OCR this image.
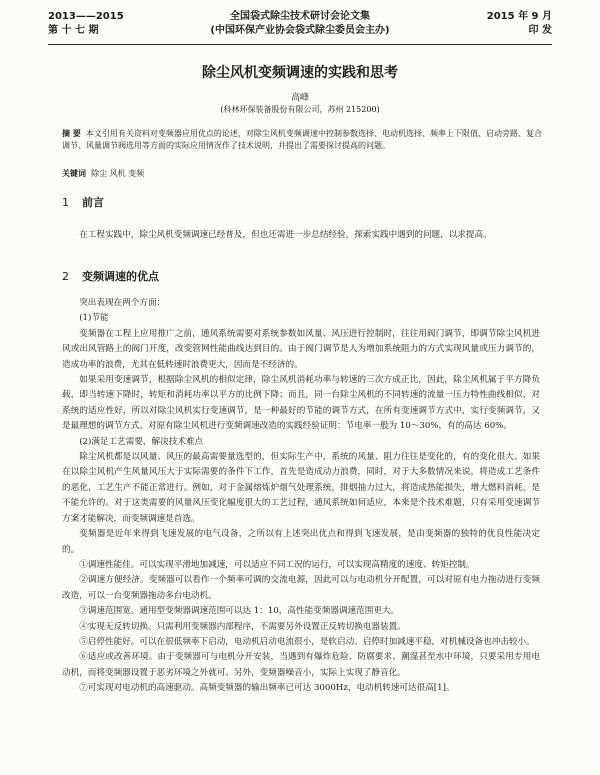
2013——2015
第 十 七 期
全国袋式除尘技术研讨会论文集
(中国环保产业协会袋式除尘委员会主办)
2015 年 9 月
印 发
除尘风机变频调速的实践和思考
高峰
(科林环保装备股份有限公司，苏州 215200)
摘 要 本文引用有关资料对变频器应用优点的论述，对除尘风机变频调速中控制参数选择、电动机选择、频率上下限值、启动旁路、复合调节、风量调节阀选用等方面的实际应用情况作了技术说明，并提出了需要探讨提高的问题。
关键词 除尘 风机 变频
1 前言

在工程实践中，除尘风机变频调速已经普及，但也还需进一步总结经验，探索实践中遇到的问题，以求提高。

2 变频调速的优点

突出表现在两个方面：

(1)节能

变频器在工程上应用推广之前，通风系统需要对系统参数如风量、风压进行控制时，往往用阀门调节，即调节除尘风机进风或出风管路上的阀门开度，改变管网性能曲线达到目的。由于阀门调节是人为增加系统阻力的方式实现风量或压力调节的，造成功率的浪费，尤其在低转速时浪费更大，因而是不经济的。

如果采用变速调节，根据除尘风机的相似定律，除尘风机消耗功率与转速的三次方成正比，因此，除尘风机属于平方降负载，即当转速下降时，转矩和消耗功率以平方的比例下降；而且，同一台除尘风机的不同转速的流量一压力特性曲线相似，对系统的适应性好，所以对除尘风机实行变速调节，是一种最好的节能的调节方式，在所有变速调节方式中，实行变频调节，又是最理想的调节方式。对原有除尘风机进行变频调速改造的实践经验证明：节电率一般为 10～30%，有的高达 60%。

(2)满足工艺需要，解决技术难点

除尘风机都是以风量、风压的最高需要量选型的，但实际生产中，系统的风量、阻力往往是变化的，有的变化很大。如果在以除尘风机产生风量风压大于实际需要的条件下工作，首先是造成动力浪费，同时，对于大多数情况来说，将造成工艺条件的恶化，工艺生产不能正常进行。例如，对于金属熔炼炉烟气处理系统，排烟抽力过大，将造成热能损失，增大燃料消耗，是不能允许的。对于这类需要的风量风压变化幅度很大的工艺过程，通风系统如何适应，本来是个技术难题，只有采用变速调节方案才能解决，而变频调速是首选。

变频器是近年来得到飞速发展的电气设备，之所以有上述突出优点和得到飞速发展，是由变频器的独特的优良性能决定的。

①调速性能佳。可以实现平滑地加减速，可以适应不同工况的运行，可以实现高精度的速度、转矩控制。

②调速方便经济。变频器可以看作一个频率可调的交流电源，因此可以与电动机分开配置，可以对原有电力拖动进行变频改造，可以一台变频器拖动多台电动机。

③调速范围宽。通用型变频器调速范围可以达 1：10，高性能变频器调速范围更大。

④实现无反转切换。只需利用变频器内部程序，不需要另外设置正反转切换电器装置。

⑤启停性能好。可以在很低频率下启动，电动机启动电流很小，是软启动。启停时加减速平稳，对机械设备也冲击较小。

⑥适应或改善环境。由于变频器可与电机分开安装，当遇到有爆炸危险、防腐要求、潮湿甚至水中环境，只要采用专用电动机，而将变频器设置于恶劣环境之外就可。另外，变频器噪音小，实际上实现了静音化。

⑦可实现对电动机的高速驱动。高频变频器的输出频率已可达 3000Hz，电动机转速可达很高[1]。
